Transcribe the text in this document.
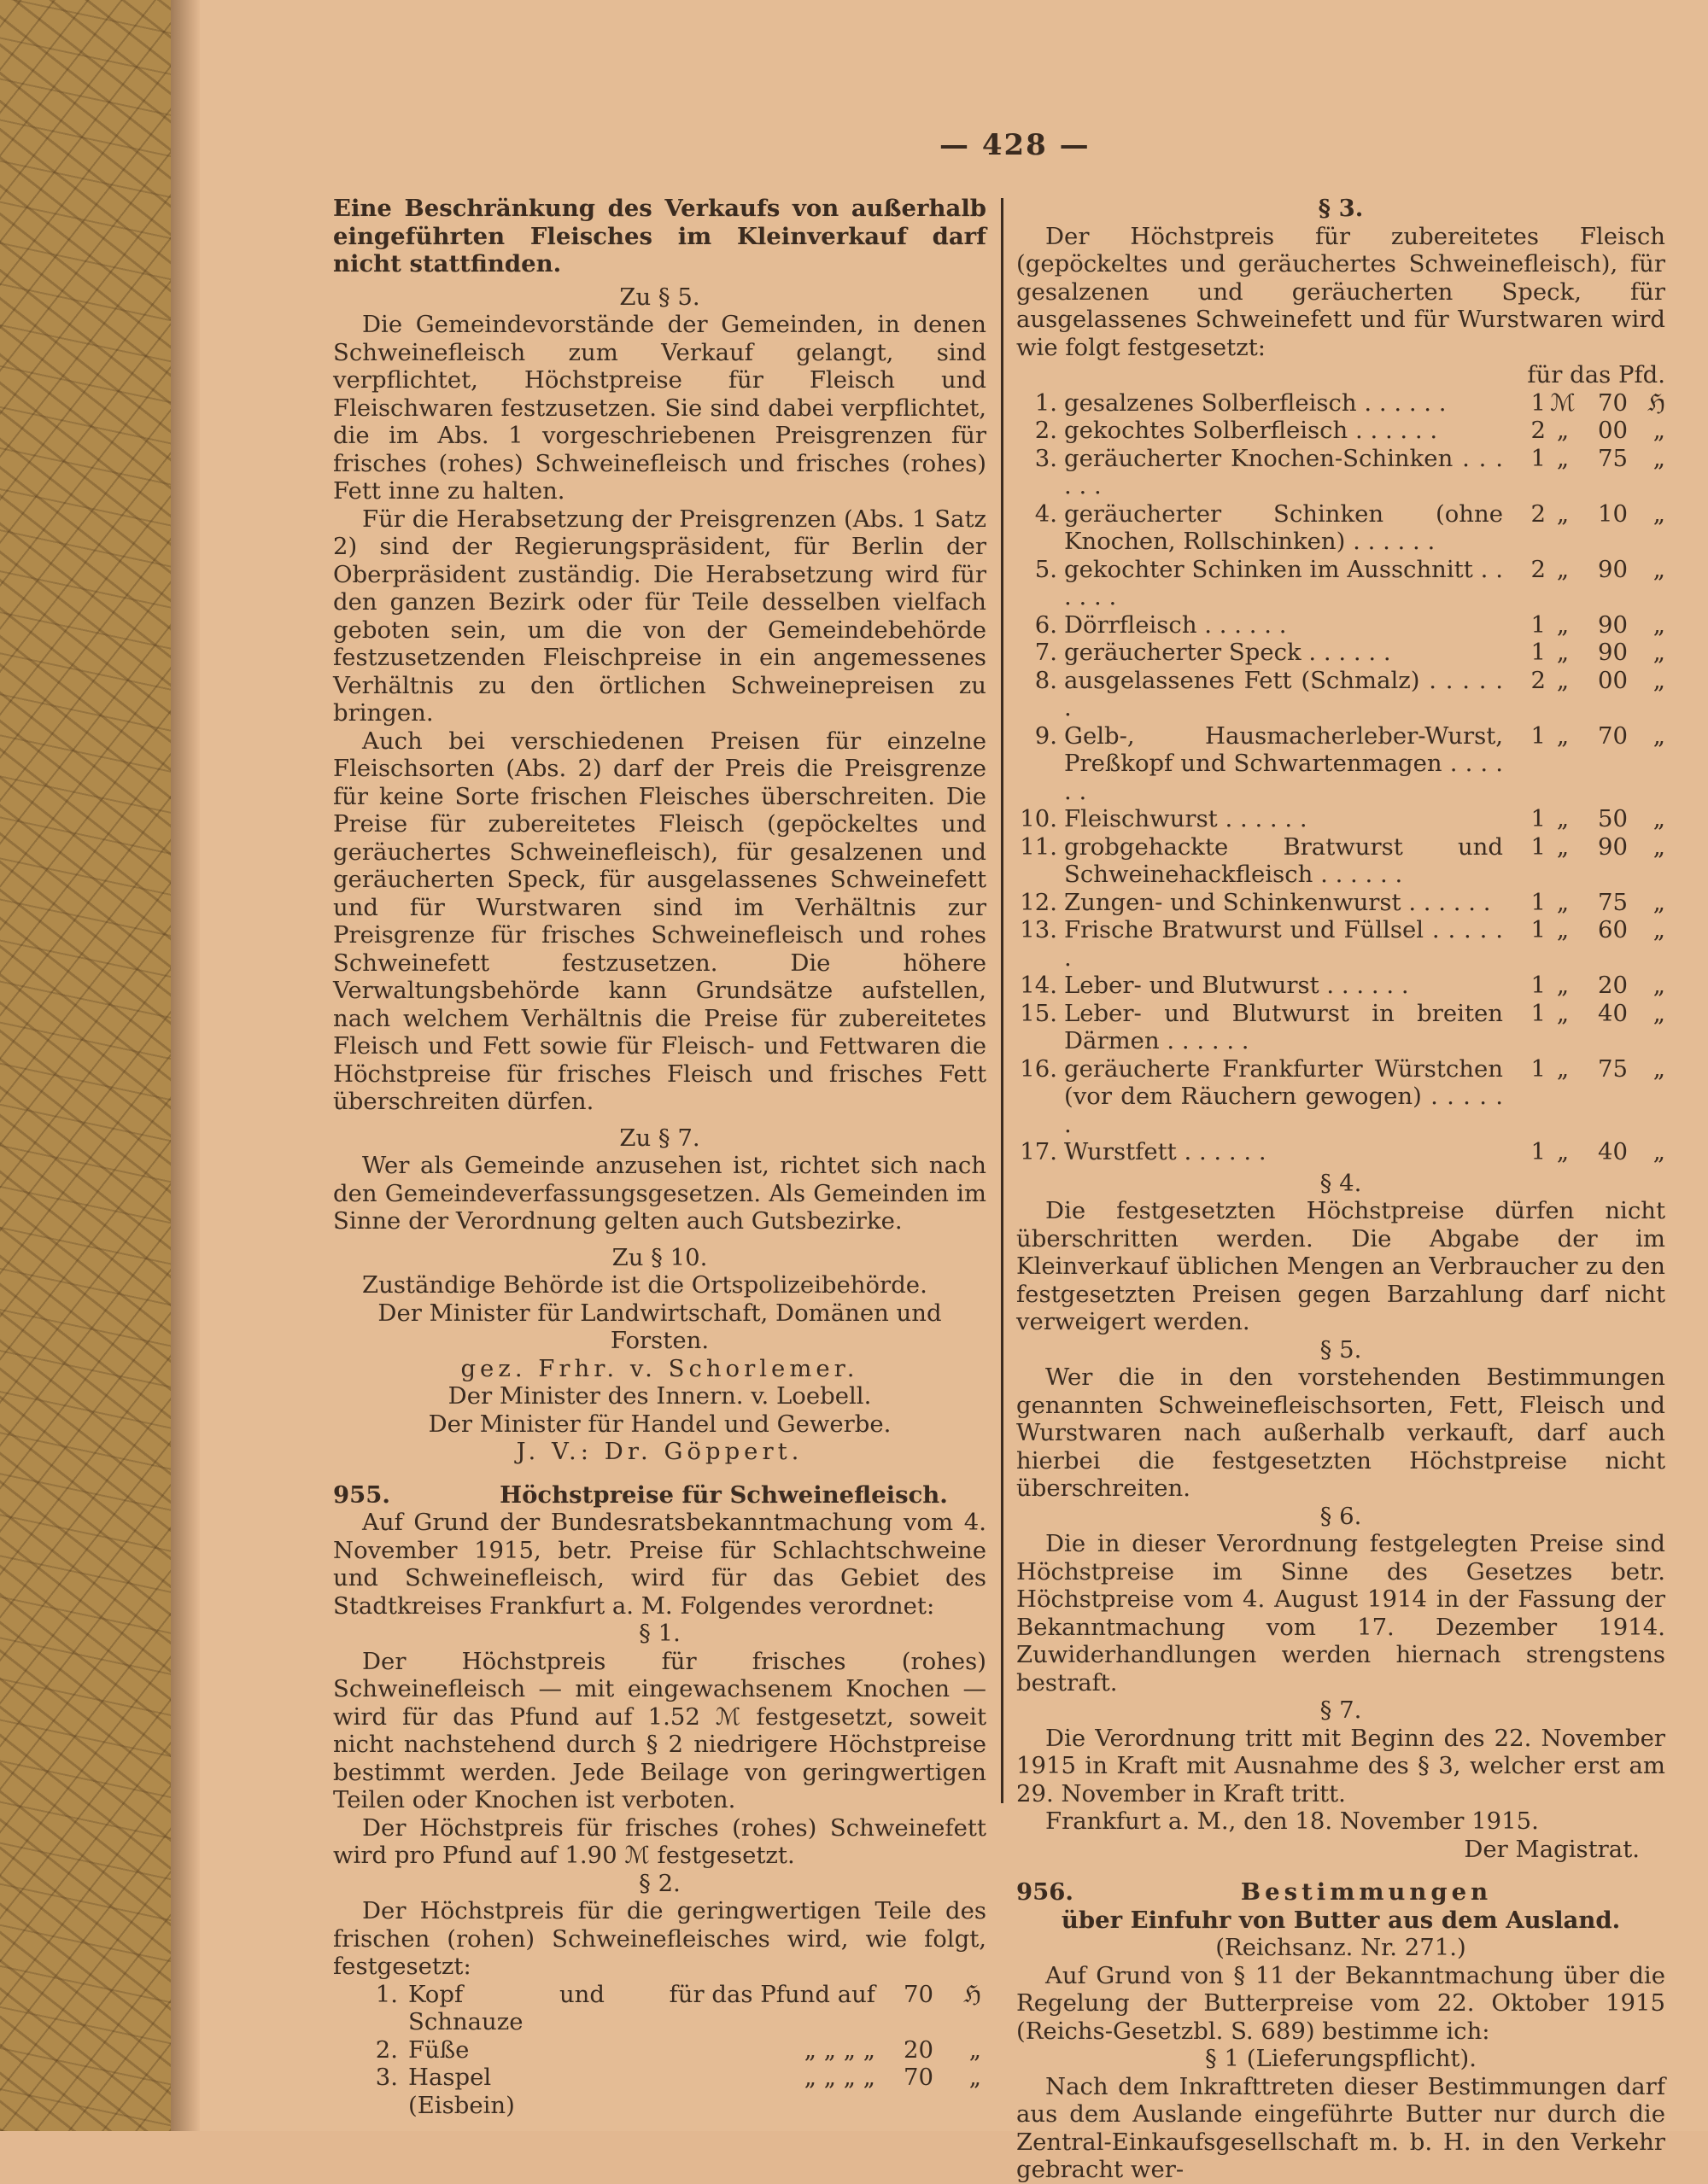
— 428 —

Eine Beschränkung des Verkaufs von außerhalb eingeführten Fleisches im Kleinverkauf darf nicht stattfinden.

Zu § 5.

Die Gemeindevorstände der Gemeinden, in denen Schweinefleisch zum Verkauf gelangt, sind verpflichtet, Höchstpreise für Fleisch und Fleischwaren festzusetzen. Sie sind dabei verpflichtet, die im Abs. 1 vorgeschriebenen Preisgrenzen für frisches (rohes) Schweinefleisch und frisches (rohes) Fett inne zu halten.

Für die Herabsetzung der Preisgrenzen (Abs. 1 Satz 2) sind der Regierungspräsident, für Berlin der Oberpräsident zuständig. Die Herabsetzung wird für den ganzen Bezirk oder für Teile desselben vielfach geboten sein, um die von der Gemeindebehörde festzusetzenden Fleischpreise in ein angemessenes Verhältnis zu den örtlichen Schweinepreisen zu bringen.

Auch bei verschiedenen Preisen für einzelne Fleischsorten (Abs. 2) darf der Preis die Preisgrenze für keine Sorte frischen Fleisches überschreiten. Die Preise für zubereitetes Fleisch (gepöckeltes und geräuchertes Schweinefleisch), für gesalzenen und geräucherten Speck, für ausgelassenes Schweinefett und für Wurstwaren sind im Verhältnis zur Preisgrenze für frisches Schweinefleisch und rohes Schweinefett festzusetzen. Die höhere Verwaltungsbehörde kann Grundsätze aufstellen, nach welchem Verhältnis die Preise für zubereitetes Fleisch und Fett sowie für Fleisch- und Fettwaren die Höchstpreise für frisches Fleisch und frisches Fett überschreiten dürfen.

Zu § 7.

Wer als Gemeinde anzusehen ist, richtet sich nach den Gemeindeverfassungsgesetzen. Als Gemeinden im Sinne der Verordnung gelten auch Gutsbezirke.

Zu § 10.

Zuständige Behörde ist die Ortspolizeibehörde.

Der Minister für Landwirtschaft, Domänen und Forsten.

gez. Frhr. v. Schorlemer.

Der Minister des Innern. v. Loebell.

Der Minister für Handel und Gewerbe.

J. V.: Dr. Göppert.

955.	Höchstpreise für Schweinefleisch.

Auf Grund der Bundesratsbekanntmachung vom 4. November 1915, betr. Preise für Schlachtschweine und Schweinefleisch, wird für das Gebiet des Stadtkreises Frankfurt a. M. Folgendes verordnet:

§ 1.

Der Höchstpreis für frisches (rohes) Schweinefleisch — mit eingewachsenem Knochen — wird für das Pfund auf 1.52 ℳ festgesetzt, soweit nicht nachstehend durch § 2 niedrigere Höchstpreise bestimmt werden. Jede Beilage von geringwertigen Teilen oder Knochen ist verboten.

Der Höchstpreis für frisches (rohes) Schweinefett wird pro Pfund auf 1.90 ℳ festgesetzt.

§ 2.

Der Höchstpreis für die geringwertigen Teile des frischen (rohen) Schweinefleisches wird, wie folgt, festgesetzt:

1.	Kopf und Schnauze	für das Pfund auf	70	ℌ
2.	Füße	„ „ „ „	20	„
3.	Haspel (Eisbein)	„ „ „ „	70	„

§ 3.

Der Höchstpreis für zubereitetes Fleisch (gepöckeltes und geräuchertes Schweinefleisch), für gesalzenen und geräucherten Speck, für ausgelassenes Schweinefett und für Wurstwaren wird wie folgt festgesetzt:

für das Pfd.

1.	gesalzenes Solberfleisch . . . . . .	1	ℳ	70	ℌ
2.	gekochtes Solberfleisch . . . . . .	2	„	00	„
3.	geräucherter Knochen-Schinken . . . . . .	1	„	75	„
4.	geräucherter Schinken (ohne Knochen, Rollschinken) . . . . . .	2	„	10	„
5.	gekochter Schinken im Ausschnitt . . . . . .	2	„	90	„
6.	Dörrfleisch . . . . . .	1	„	90	„
7.	geräucherter Speck . . . . . .	1	„	90	„
8.	ausgelassenes Fett (Schmalz) . . . . . .	2	„	00	„
9.	Gelb-, Hausmacherleber-Wurst, Preßkopf und Schwartenmagen . . . . . .	1	„	70	„
10.	Fleischwurst . . . . . .	1	„	50	„
11.	grobgehackte Bratwurst und Schweinehackfleisch . . . . . .	1	„	90	„
12.	Zungen- und Schinkenwurst . . . . . .	1	„	75	„
13.	Frische Bratwurst und Füllsel . . . . . .	1	„	60	„
14.	Leber- und Blutwurst . . . . . .	1	„	20	„
15.	Leber- und Blutwurst in breiten Därmen . . . . . .	1	„	40	„
16.	geräucherte Frankfurter Würstchen (vor dem Räuchern gewogen) . . . . . .	1	„	75	„
17.	Wurstfett . . . . . .	1	„	40	„

§ 4.

Die festgesetzten Höchstpreise dürfen nicht überschritten werden. Die Abgabe der im Kleinverkauf üblichen Mengen an Verbraucher zu den festgesetzten Preisen gegen Barzahlung darf nicht verweigert werden.

§ 5.

Wer die in den vorstehenden Bestimmungen genannten Schweinefleischsorten, Fett, Fleisch und Wurstwaren nach außerhalb verkauft, darf auch hierbei die festgesetzten Höchstpreise nicht überschreiten.

§ 6.

Die in dieser Verordnung festgelegten Preise sind Höchstpreise im Sinne des Gesetzes betr. Höchstpreise vom 4. August 1914 in der Fassung der Bekanntmachung vom 17. Dezember 1914. Zuwiderhandlungen werden hiernach strengstens bestraft.

§ 7.

Die Verordnung tritt mit Beginn des 22. November 1915 in Kraft mit Ausnahme des § 3, welcher erst am 29. November in Kraft tritt.

Frankfurt a. M., den 18. November 1915.

Der Magistrat.

956.	Bestimmungen

über Einfuhr von Butter aus dem Ausland.

(Reichsanz. Nr. 271.)

Auf Grund von § 11 der Bekanntmachung über die Regelung der Butterpreise vom 22. Oktober 1915 (Reichs-Gesetzbl. S. 689) bestimme ich:

§ 1 (Lieferungspflicht).

Nach dem Inkrafttreten dieser Bestimmungen darf aus dem Auslande eingeführte Butter nur durch die Zentral-Einkaufsgesellschaft m. b. H. in den Verkehr gebracht wer-
